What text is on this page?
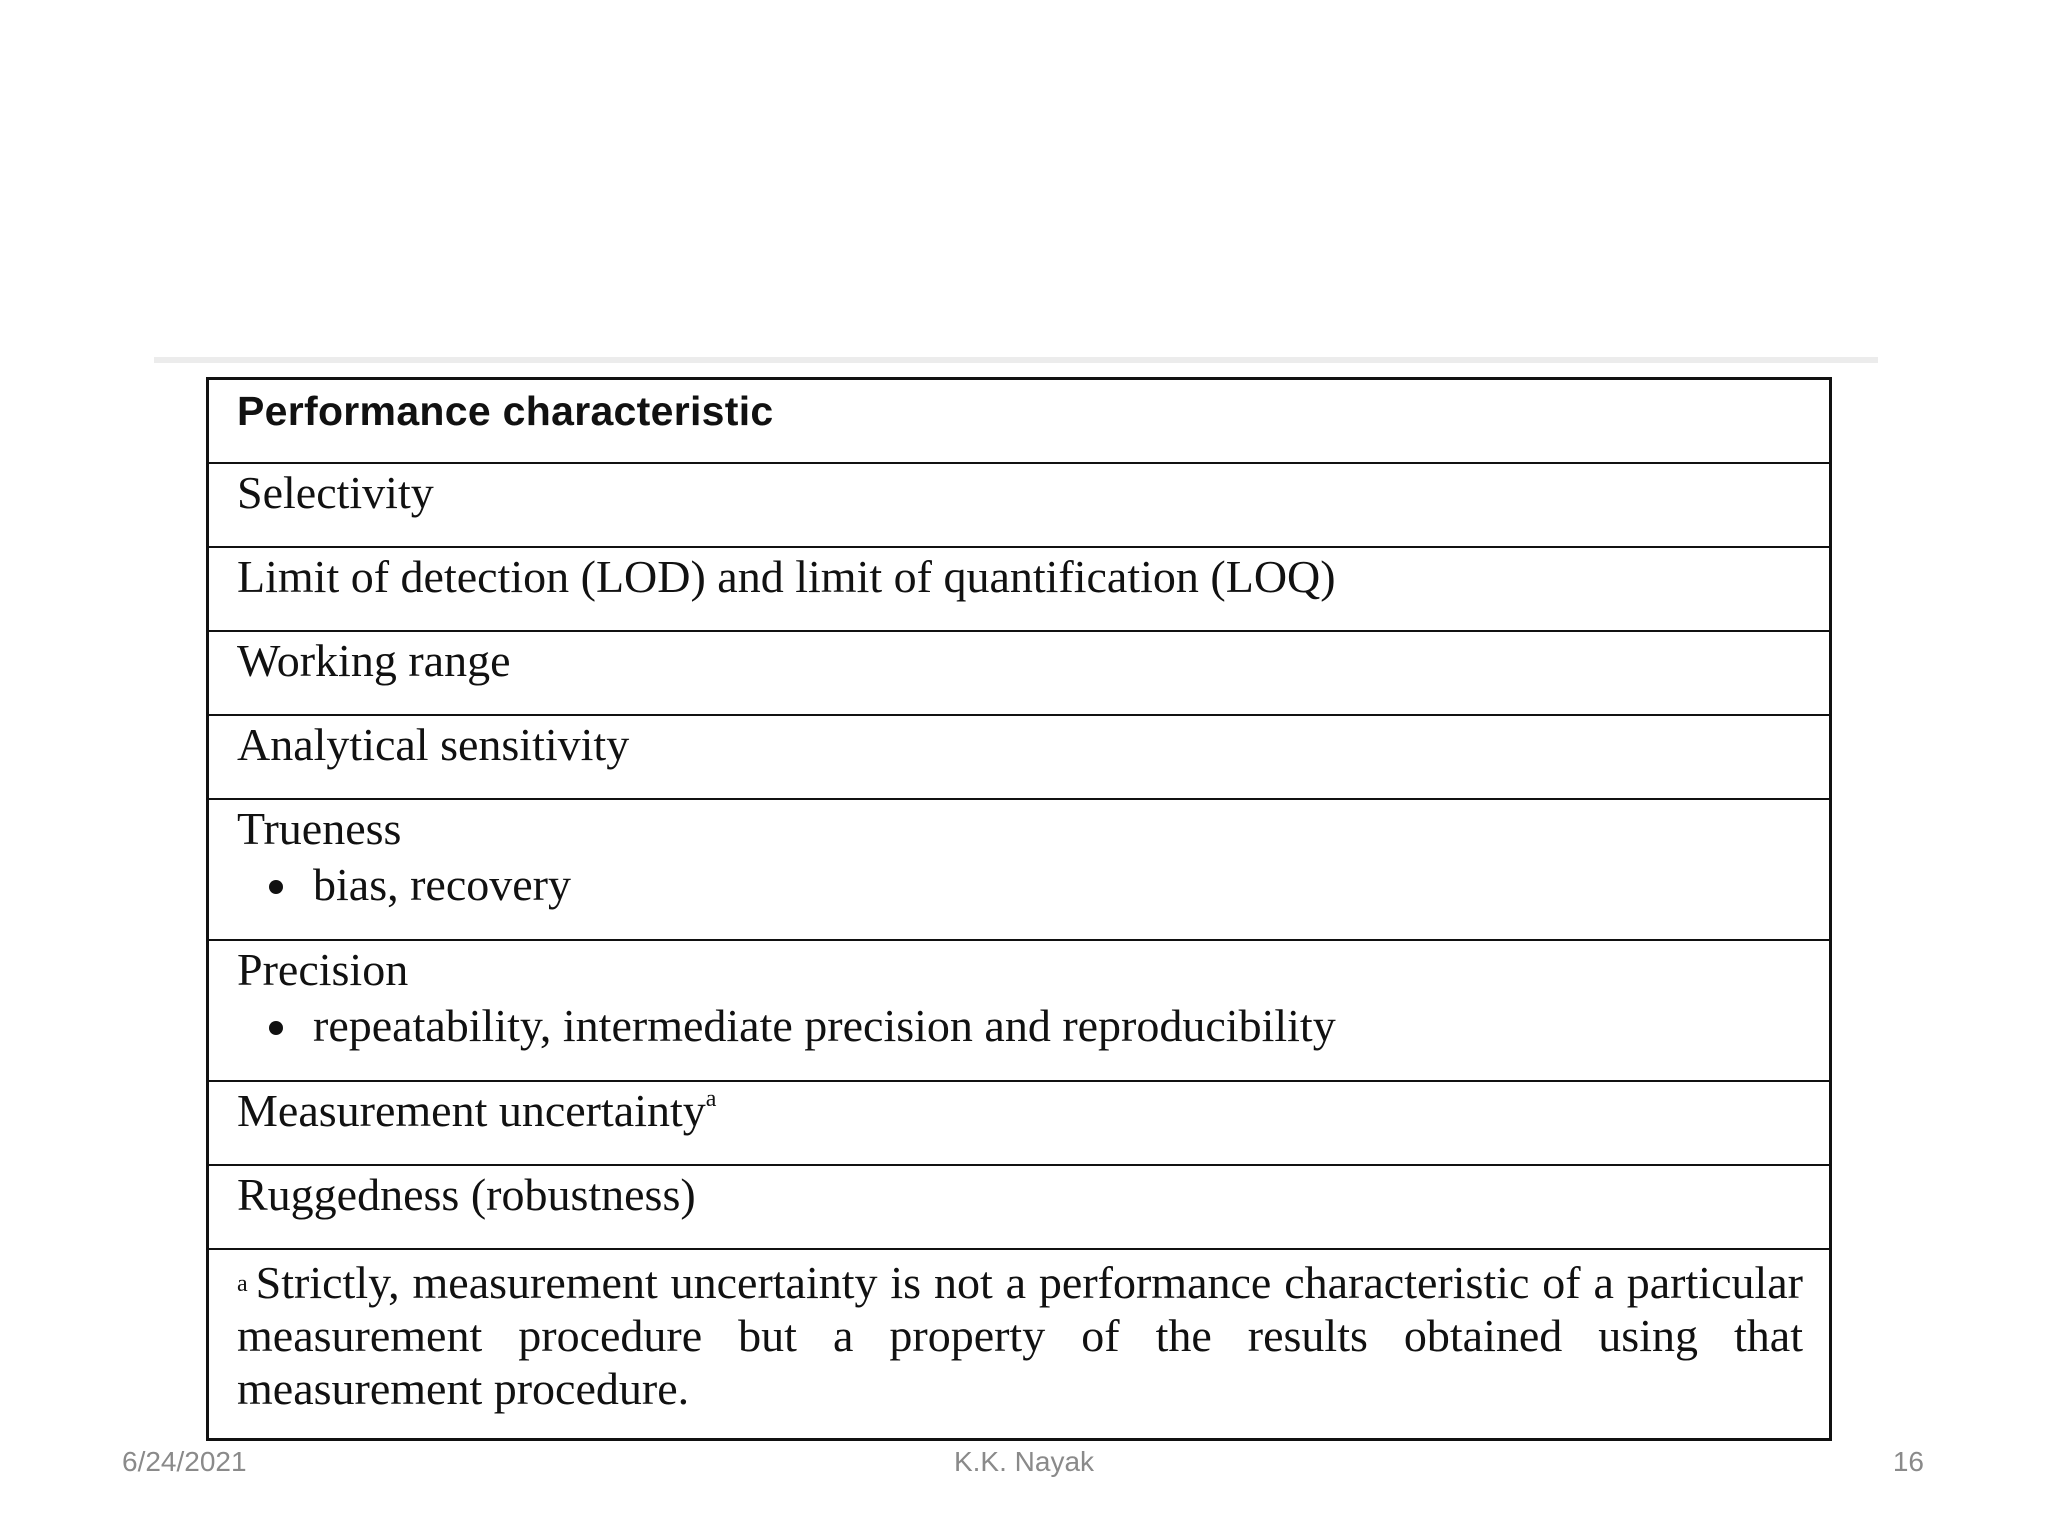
Performance characteristic
Selectivity
Limit of detection (LOD) and limit of quantification (LOQ)
Working range
Analytical sensitivity
Trueness
bias, recovery
Precision
repeatability, intermediate precision and reproducibility
Measurement uncertainty$^a$
Ruggedness (robustness)
$^a$ Strictly, measurement uncertainty is not a performance characteristic of a particular measurement procedure but a property of the results obtained using that measurement procedure.
6/24/2021	K.K. Nayak	16
